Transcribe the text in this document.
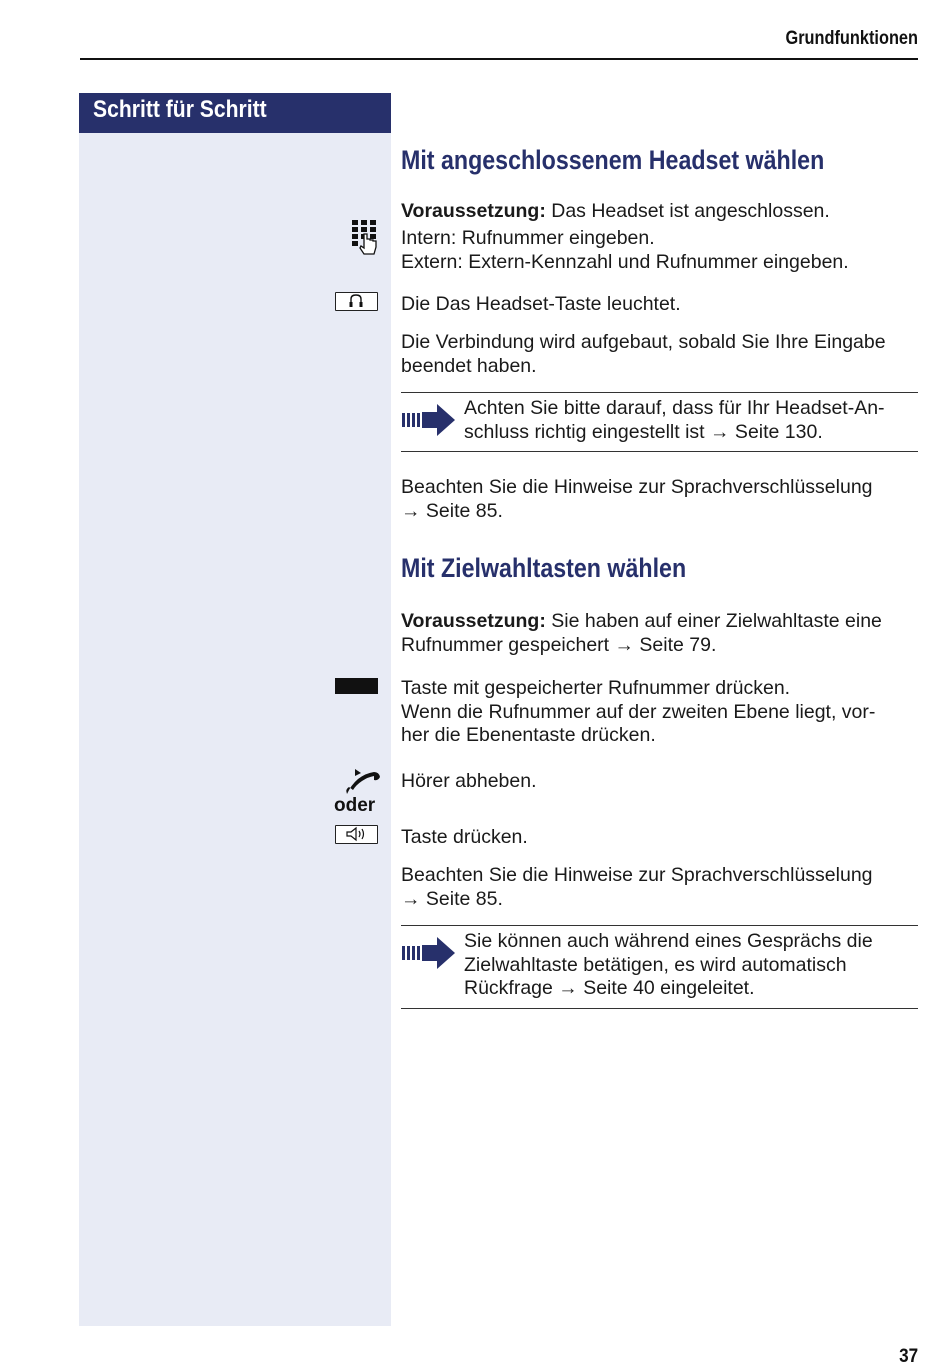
Grundfunktionen
Schritt für Schritt
Mit angeschlossenem Headset wählen
Voraussetzung: Das Headset ist angeschlossen.
Intern: Rufnummer eingeben.
Extern: Extern-Kennzahl und Rufnummer eingeben.
Die Das Headset-Taste leuchtet.
Die Verbindung wird aufgebaut, sobald Sie Ihre Eingabe beendet haben.
Achten Sie bitte darauf, dass für Ihr Headset-An-
schluss richtig eingestellt ist → Seite 130.
Beachten Sie die Hinweise zur Sprachverschlüsselung
→ Seite 85.
Mit Zielwahltasten wählen
Voraussetzung: Sie haben auf einer Zielwahltaste eine
Rufnummer gespeichert → Seite 79.
Taste mit gespeicherter Rufnummer drücken.
Wenn die Rufnummer auf der zweiten Ebene liegt, vor-
her die Ebenentaste drücken.
Hörer abheben.
oder
Taste drücken.
Beachten Sie die Hinweise zur Sprachverschlüsselung
→ Seite 85.
Sie können auch während eines Gesprächs die
Zielwahltaste betätigen, es wird automatisch
Rückfrage → Seite 40 eingeleitet.
37
